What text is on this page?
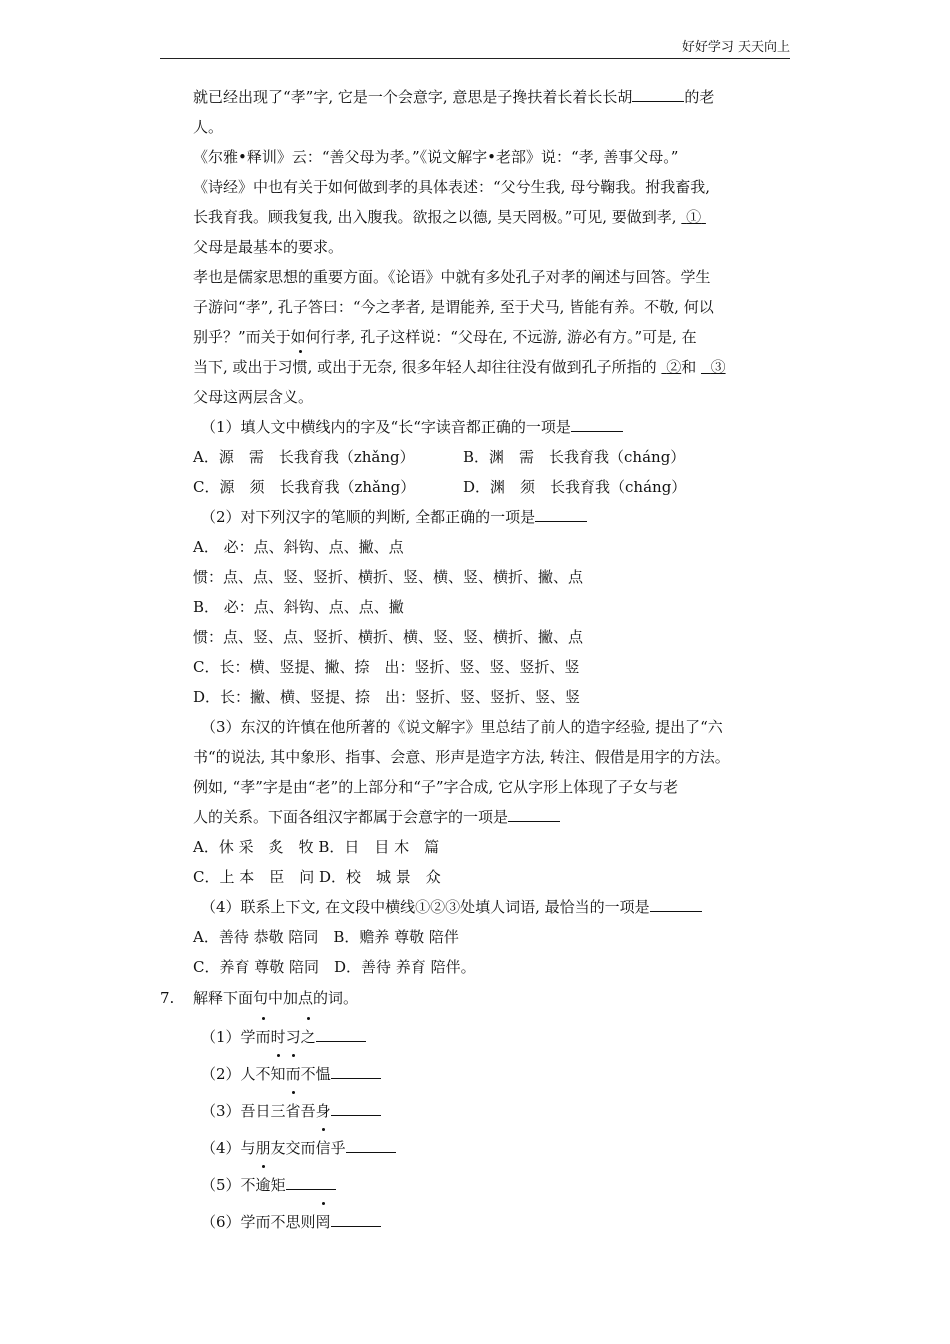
好好学习 天天向上
就已经出现了“孝”字, 它是一个会意字, 意思是子搀扶着长着长长胡	的老
人。
《尔雅•释训》云：“善父母为孝。”《说文解字•老部》说：“孝, 善事父母。”
《诗经》中也有关于如何做到孝的具体表述：“父兮生我, 母兮鞠我。拊我畜我,
长我育我。顾我复我, 出入腹我。欲报之以德, 昊天罔极。”可见, 要做到孝, ①
父母是最基本的要求。
孝也是儒家思想的重要方面。《论语》中就有多处孔子对孝的阐述与回答。学生
子游问“孝”, 孔子答曰：“今之孝者, 是谓能养, 至于犬马, 皆能有养。不敬, 何以
别乎？”而关于如何行孝, 孔子这样说：“父母在, 不远游, 游必有方。”可是, 在
当下, 或出于习惯, 或出于无奈, 很多年轻人却往往没有做到孔子所指的 ②和 ③
父母这两层含义。
（1）填人文中横线内的字及“长“字读音都正确的一项是
A．源　需　长我育我（zhǎng）	B．渊　需　长我育我（cháng）
C．源　须　长我育我（zhǎng）	D．渊　须　长我育我（cháng）
（2）对下列汉字的笔顺的判断, 全都正确的一项是
A． 必：点、斜钩、点、撇、点
惯：点、点、竖、竖折、横折、竖、横、竖、横折、撇、点
B． 必：点、斜钩、点、点、撇
惯：点、竖、点、竖折、横折、横、竖、竖、横折、撇、点
C．长：横、竖提、撇、捺　出：竖折、竖、竖、竖折、竖
D．长：撇、横、竖提、捺　出：竖折、竖、竖折、竖、竖
（3）东汉的许慎在他所著的《说文解字》里总结了前人的造字经验, 提出了“六
书“的说法, 其中象形、指事、会意、形声是造字方法, 转注、假借是用字的方法。
例如, “孝”字是由“老”的上部分和“子”字合成, 它从字形上体现了子女与老
人的关系。下面各组汉字都属于会意字的一项是
A．休 采　炙　牧 B．日　目 木　篇
C．上 本　臣　问 D．校　城 景　众
（4）联系上下文, 在文段中横线①②③处填人词语, 最恰当的一项是
A．善待 恭敬 陪同　B．赡养 尊敬 陪伴
C．养育 尊敬 陪同　D．善待 养育 陪伴。
7. 解释下面句中加点的词。
（1）学而时习之
（2）人不知而不愠
（3）吾日三省吾身
（4）与朋友交而信乎
（5）不逾矩
（6）学而不思则罔
